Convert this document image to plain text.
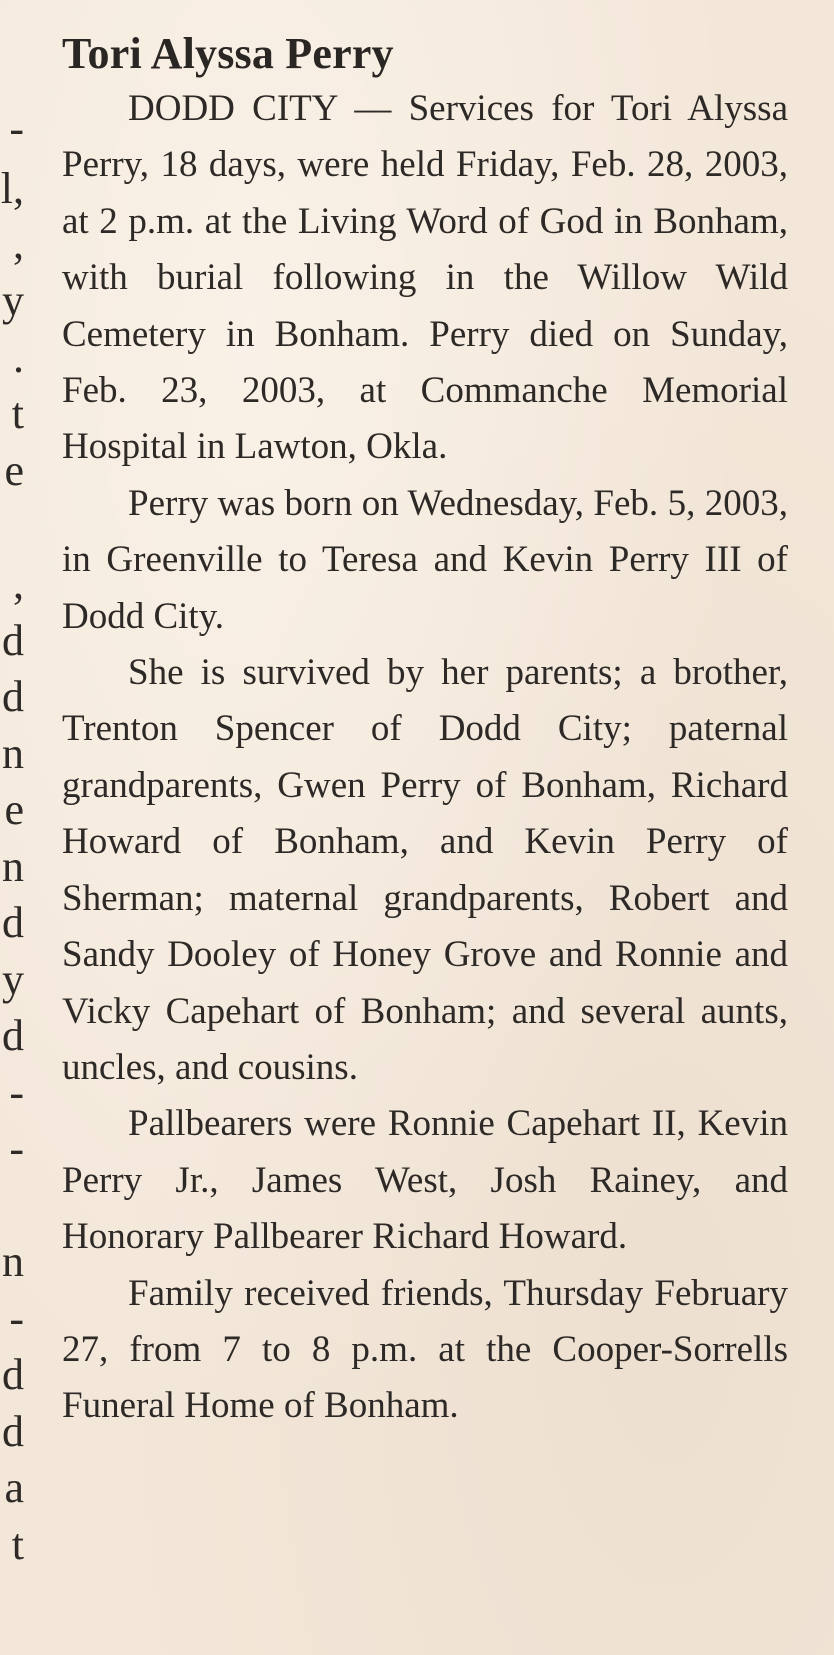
-
l,
,
y
.
t
e
,
d
d
n
e
n
d
y
d
-
-
n
-
d
d
a
t
Tori Alyssa Perry

DODD CITY — Services for Tori Alyssa Perry, 18 days, were held Friday, Feb. 28, 2003, at 2 p.m. at the Living Word of God in Bonham, with burial following in the Willow Wild Cemetery in Bonham. Perry died on Sunday, Feb. 23, 2003, at Commanche Memorial Hospital in Lawton, Okla.

Perry was born on Wednesday, Feb. 5, 2003, in Greenville to Teresa and Kevin Perry III of Dodd City.

She is survived by her parents; a brother, Trenton Spencer of Dodd City; paternal grandparents, Gwen Perry of Bonham, Richard Howard of Bonham, and Kevin Perry of Sherman; maternal grandparents, Robert and Sandy Dooley of Honey Grove and Ronnie and Vicky Capehart of Bonham; and several aunts, uncles, and cousins.

Pallbearers were Ronnie Capehart II, Kevin Perry Jr., James West, Josh Rainey, and Honorary Pallbearer Richard Howard.

Family received friends, Thursday February 27, from 7 to 8 p.m. at the Cooper-Sorrells Funeral Home of Bonham.
